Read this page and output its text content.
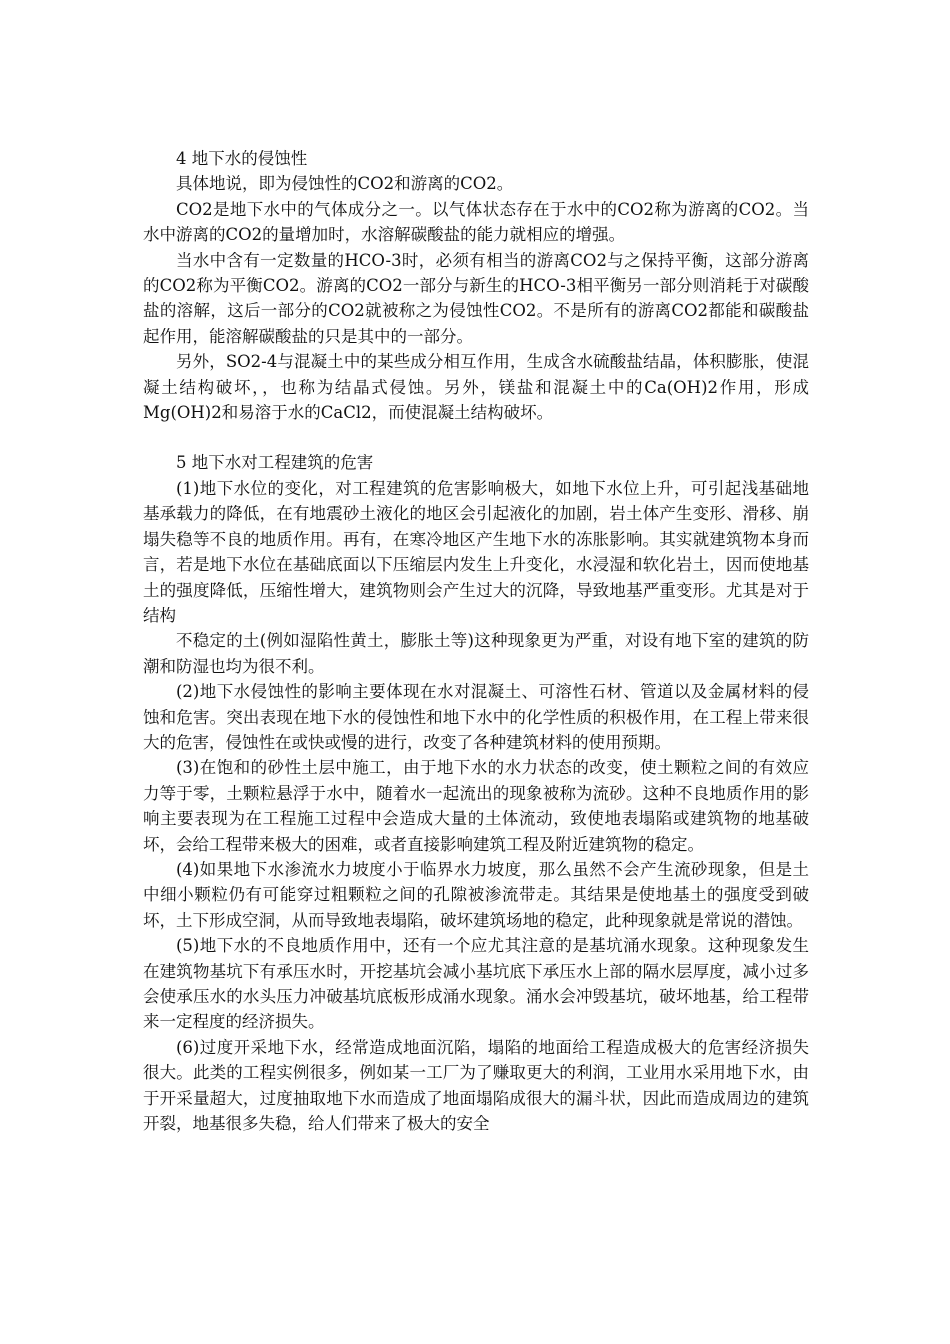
4 地下水的侵蚀性

具体地说，即为侵蚀性的CO2和游离的CO2。

CO2是地下水中的气体成分之一。以气体状态存在于水中的CO2称为游离的CO2。当水中游离的CO2的量增加时，水溶解碳酸盐的能力就相应的增强。

当水中含有一定数量的HCO-3时，必须有相当的游离CO2与之保持平衡，这部分游离的CO2称为平衡CO2。游离的CO2一部分与新生的HCO-3相平衡另一部分则消耗于对碳酸盐的溶解，这后一部分的CO2就被称之为侵蚀性CO2。不是所有的游离CO2都能和碳酸盐起作用，能溶解碳酸盐的只是其中的一部分。

另外，SO2-4与混凝土中的某些成分相互作用，生成含水硫酸盐结晶，体积膨胀，使混凝土结构破坏，，也称为结晶式侵蚀。另外，镁盐和混凝土中的Ca(OH)2作用，形成Mg(OH)2和易溶于水的CaCl2，而使混凝土结构破坏。

5 地下水对工程建筑的危害

(1)地下水位的变化，对工程建筑的危害影响极大，如地下水位上升，可引起浅基础地基承载力的降低，在有地震砂土液化的地区会引起液化的加剧，岩土体产生变形、滑移、崩塌失稳等不良的地质作用。再有，在寒冷地区产生地下水的冻胀影响。其实就建筑物本身而言，若是地下水位在基础底面以下压缩层内发生上升变化，水浸湿和软化岩土，因而使地基土的强度降低，压缩性增大，建筑物则会产生过大的沉降，导致地基严重变形。尤其是对于结构

不稳定的土(例如湿陷性黄土，膨胀土等)这种现象更为严重，对设有地下室的建筑的防潮和防湿也均为很不利。

(2)地下水侵蚀性的影响主要体现在水对混凝土、可溶性石材、管道以及金属材料的侵蚀和危害。突出表现在地下水的侵蚀性和地下水中的化学性质的积极作用，在工程上带来很大的危害，侵蚀性在或快或慢的进行，改变了各种建筑材料的使用预期。

(3)在饱和的砂性土层中施工，由于地下水的水力状态的改变，使土颗粒之间的有效应力等于零，土颗粒悬浮于水中，随着水一起流出的现象被称为流砂。这种不良地质作用的影响主要表现为在工程施工过程中会造成大量的土体流动，致使地表塌陷或建筑物的地基破坏，会给工程带来极大的困难，或者直接影响建筑工程及附近建筑物的稳定。

(4)如果地下水渗流水力坡度小于临界水力坡度，那么虽然不会产生流砂现象，但是土中细小颗粒仍有可能穿过粗颗粒之间的孔隙被渗流带走。其结果是使地基土的强度受到破坏，土下形成空洞，从而导致地表塌陷，破坏建筑场地的稳定，此种现象就是常说的潜蚀。

(5)地下水的不良地质作用中，还有一个应尤其注意的是基坑涌水现象。这种现象发生在建筑物基坑下有承压水时，开挖基坑会减小基坑底下承压水上部的隔水层厚度，减小过多会使承压水的水头压力冲破基坑底板形成涌水现象。涌水会冲毁基坑，破坏地基，给工程带来一定程度的经济损失。

(6)过度开采地下水，经常造成地面沉陷，塌陷的地面给工程造成极大的危害经济损失很大。此类的工程实例很多，例如某一工厂为了赚取更大的利润，工业用水采用地下水，由于开采量超大，过度抽取地下水而造成了地面塌陷成很大的漏斗状，因此而造成周边的建筑开裂，地基很多失稳，给人们带来了极大的安全
